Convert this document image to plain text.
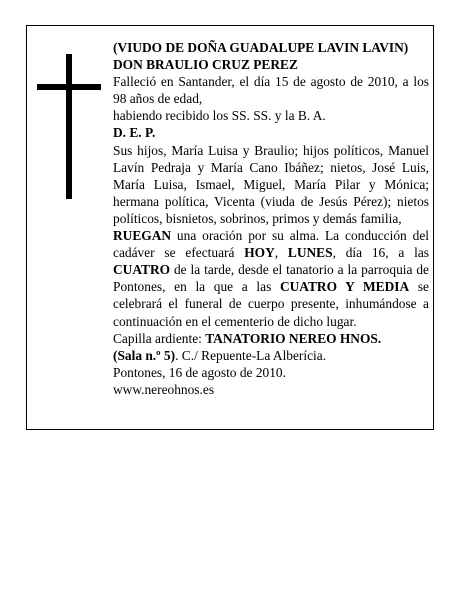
(VIUDO DE DOÑA GUADALUPE LAVIN LAVIN)
DON BRAULIO CRUZ PEREZ
Falleció en Santander, el día 15 de agosto de 2010, a los 98 años de edad,
habiendo recibido los SS. SS. y la B. A.
D. E. P.
Sus hijos, María Luisa y Braulio; hijos políticos, Manuel Lavín Pedraja y María Cano Ibáñez; nietos, José Luis, María Luisa, Ismael, Miguel, María Pilar y Mónica; hermana política, Vicenta (viuda de Jesús Pérez); nietos políticos, bisnietos, sobrinos, primos y demás familia,
RUEGAN una oración por su alma. La conducción del cadáver se efectuará HOY, LUNES, día 16, a las CUATRO de la tarde, desde el tanatorio a la parroquia de Pontones, en la que a las CUATRO Y MEDIA se celebrará el funeral de cuerpo presente, inhumándose a continuación en el cementerio de dicho lugar.
Capilla ardiente: TANATORIO NEREO HNOS.
(Sala n.º 5). C./ Repuente-La Alberícia.
Pontones, 16 de agosto de 2010.
www.nereohnos.es
